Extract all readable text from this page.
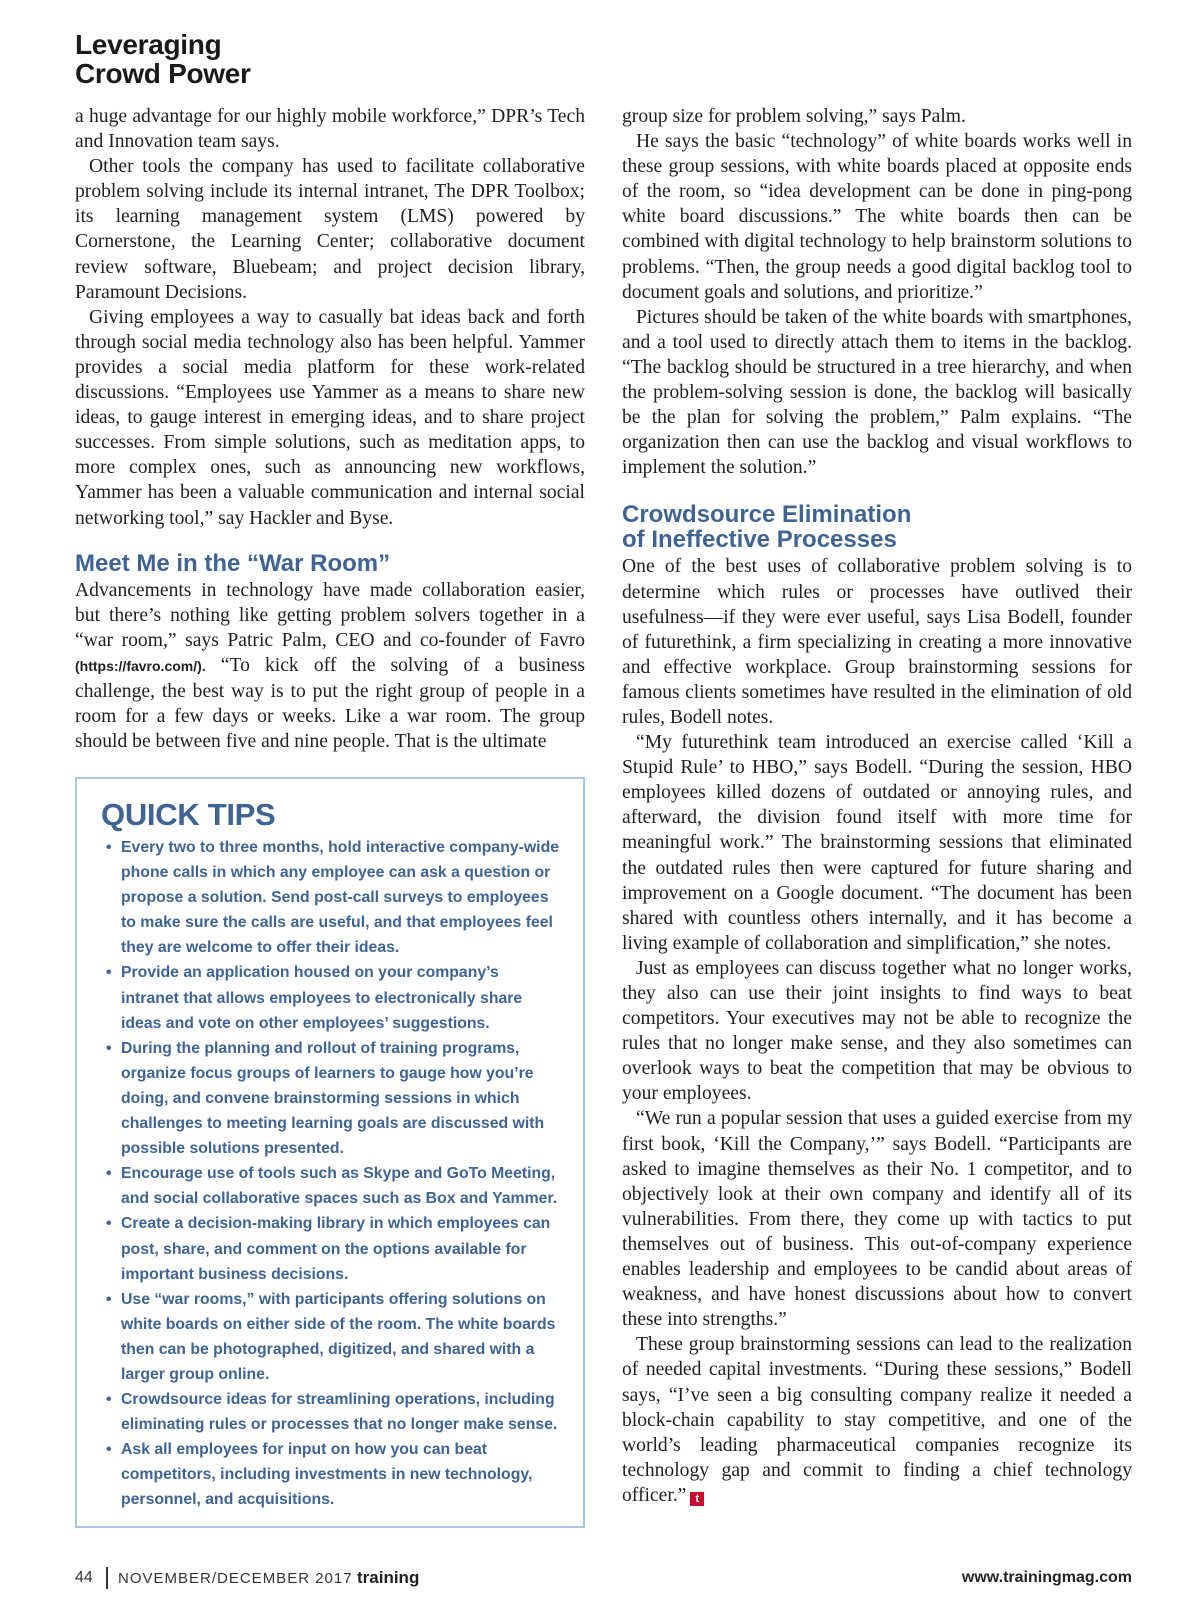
Leveraging
Crowd Power

a huge advantage for our highly mobile workforce,” DPR’s Tech and Innovation team says.

Other tools the company has used to facilitate collaborative problem solving include its internal intranet, The DPR Toolbox; its learning management system (LMS) powered by Cornerstone, the Learning Center; collaborative document review software, Bluebeam; and project decision library, Paramount Decisions.

Giving employees a way to casually bat ideas back and forth through social media technology also has been helpful. Yammer provides a social media platform for these work-related discussions. “Employees use Yammer as a means to share new ideas, to gauge interest in emerging ideas, and to share project successes. From simple solutions, such as meditation apps, to more complex ones, such as announcing new workflows, Yammer has been a valuable communication and internal social networking tool,” say Hackler and Byse.

Meet Me in the “War Room”

Advancements in technology have made collaboration easier, but there’s nothing like getting problem solvers together in a “war room,” says Patric Palm, CEO and co-founder of Favro (https://favro.com/). “To kick off the solving of a business challenge, the best way is to put the right group of people in a room for a few days or weeks. Like a war room. The group should be between five and nine people. That is the ultimate

QUICK TIPS
• Every two to three months, hold interactive company-wide phone calls in which any employee can ask a question or propose a solution. Send post-call surveys to employees to make sure the calls are useful, and that employees feel they are welcome to offer their ideas.
• Provide an application housed on your company’s intranet that allows employees to electronically share ideas and vote on other employees’ suggestions.
• During the planning and rollout of training programs, organize focus groups of learners to gauge how you’re doing, and convene brainstorming sessions in which challenges to meeting learning goals are discussed with possible solutions presented.
• Encourage use of tools such as Skype and GoTo Meeting, and social collaborative spaces such as Box and Yammer.
• Create a decision-making library in which employees can post, share, and comment on the options available for important business decisions.
• Use “war rooms,” with participants offering solutions on white boards on either side of the room. The white boards then can be photographed, digitized, and shared with a larger group online.
• Crowdsource ideas for streamlining operations, including eliminating rules or processes that no longer make sense.
• Ask all employees for input on how you can beat competitors, including investments in new technology, personnel, and acquisitions.

group size for problem solving,” says Palm.

He says the basic “technology” of white boards works well in these group sessions, with white boards placed at opposite ends of the room, so “idea development can be done in ping-pong white board discussions.” The white boards then can be combined with digital technology to help brainstorm solutions to problems. “Then, the group needs a good digital backlog tool to document goals and solutions, and prioritize.”

Pictures should be taken of the white boards with smartphones, and a tool used to directly attach them to items in the backlog. “The backlog should be structured in a tree hierarchy, and when the problem-solving session is done, the backlog will basically be the plan for solving the problem,” Palm explains. “The organization then can use the backlog and visual workflows to implement the solution.”

Crowdsource Elimination
of Ineffective Processes

One of the best uses of collaborative problem solving is to determine which rules or processes have outlived their usefulness—if they were ever useful, says Lisa Bodell, founder of futurethink, a firm specializing in creating a more innovative and effective workplace. Group brainstorming sessions for famous clients sometimes have resulted in the elimination of old rules, Bodell notes.

“My futurethink team introduced an exercise called ‘Kill a Stupid Rule’ to HBO,” says Bodell. “During the session, HBO employees killed dozens of outdated or annoying rules, and afterward, the division found itself with more time for meaningful work.” The brainstorming sessions that eliminated the outdated rules then were captured for future sharing and improvement on a Google document. “The document has been shared with countless others internally, and it has become a living example of collaboration and simplification,” she notes.

Just as employees can discuss together what no longer works, they also can use their joint insights to find ways to beat competitors. Your executives may not be able to recognize the rules that no longer make sense, and they also sometimes can overlook ways to beat the competition that may be obvious to your employees.

“We run a popular session that uses a guided exercise from my first book, ‘Kill the Company,’” says Bodell. “Participants are asked to imagine themselves as their No. 1 competitor, and to objectively look at their own company and identify all of its vulnerabilities. From there, they come up with tactics to put themselves out of business. This out-of-company experience enables leadership and employees to be candid about areas of weakness, and have honest discussions about how to convert these into strengths.”

These group brainstorming sessions can lead to the realization of needed capital investments. “During these sessions,” Bodell says, “I’ve seen a big consulting company realize it needed a block-chain capability to stay competitive, and one of the world’s leading pharmaceutical companies recognize its technology gap and commit to finding a chief technology officer.” t

44 NOVEMBER/DECEMBER 2017 training	www.trainingmag.com
